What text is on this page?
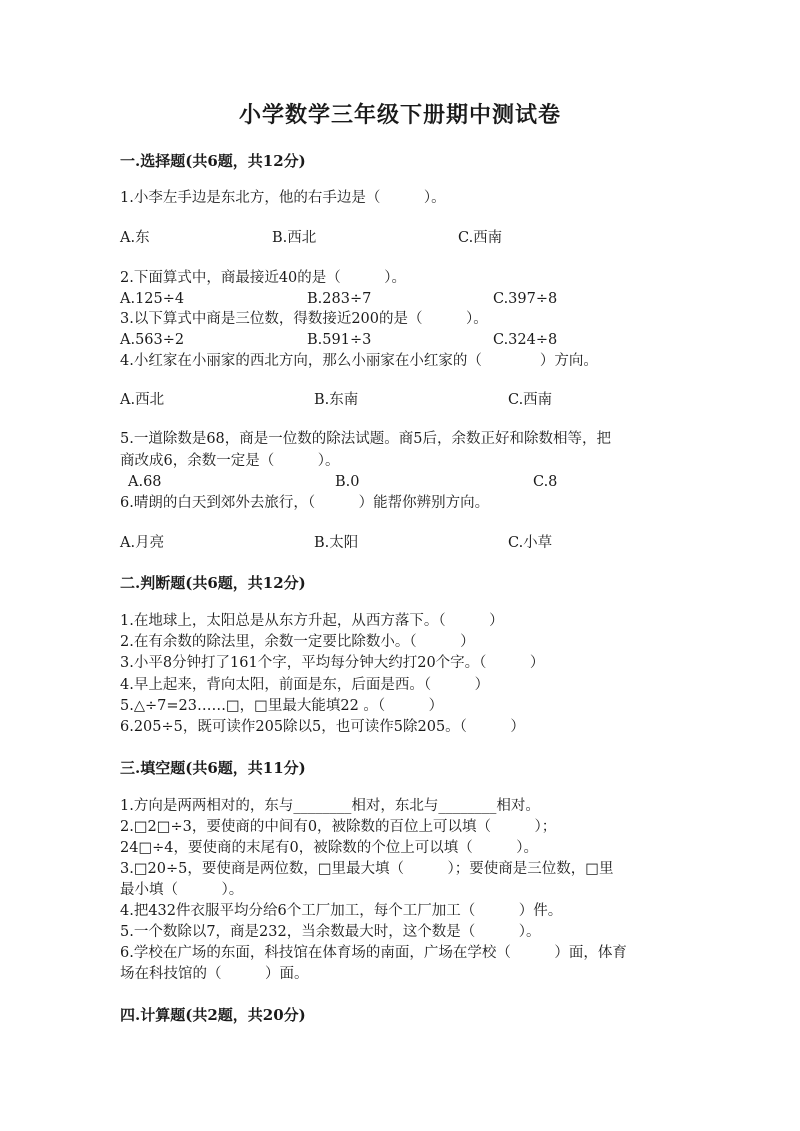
小学数学三年级下册期中测试卷
一.选择题(共6题，共12分)
1.小李左手边是东北方，他的右手边是（　　　）。
A.东	B.西北	C.西南
2.下面算式中，商最接近40的是（　　　）。
A.125÷4	B.283÷7	C.397÷8
3.以下算式中商是三位数，得数接近200的是（　　　）。
A.563÷2	B.591÷3	C.324÷8
4.小红家在小丽家的西北方向，那么小丽家在小红家的（　　　　）方向。
A.西北	B.东南	C.西南
5.一道除数是68，商是一位数的除法试题。商5后，余数正好和除数相等，把
商改成6，余数一定是（　　　）。
A.68	B.0	C.8
6.晴朗的白天到郊外去旅行，（　　　）能帮你辨别方向。
A.月亮	B.太阳	C.小草
二.判断题(共6题，共12分)
1.在地球上，太阳总是从东方升起，从西方落下。（　　　）
2.在有余数的除法里，余数一定要比除数小。（　　　）
3.小平8分钟打了161个字，平均每分钟大约打20个字。（　　　）
4.早上起来，背向太阳，前面是东，后面是西。（　　　）
5.△÷7=23……□，□里最大能填22 。（　　　）
6.205÷5，既可读作205除以5，也可读作5除205。（　　　）
三.填空题(共6题，共11分)
1.方向是两两相对的，东与________相对，东北与________相对。
2.□2□÷3，要使商的中间有0，被除数的百位上可以填（　　　）；
24□÷4，要使商的末尾有0，被除数的个位上可以填（　　　）。
3.□20÷5，要使商是两位数，□里最大填（　　　）；要使商是三位数，□里
最小填（　　　）。
4.把432件衣服平均分给6个工厂加工，每个工厂加工（　　　）件。
5.一个数除以7，商是232，当余数最大时，这个数是（　　　）。
6.学校在广场的东面，科技馆在体育场的南面，广场在学校（　　　）面，体育
场在科技馆的（　　　）面。
四.计算题(共2题，共20分)
